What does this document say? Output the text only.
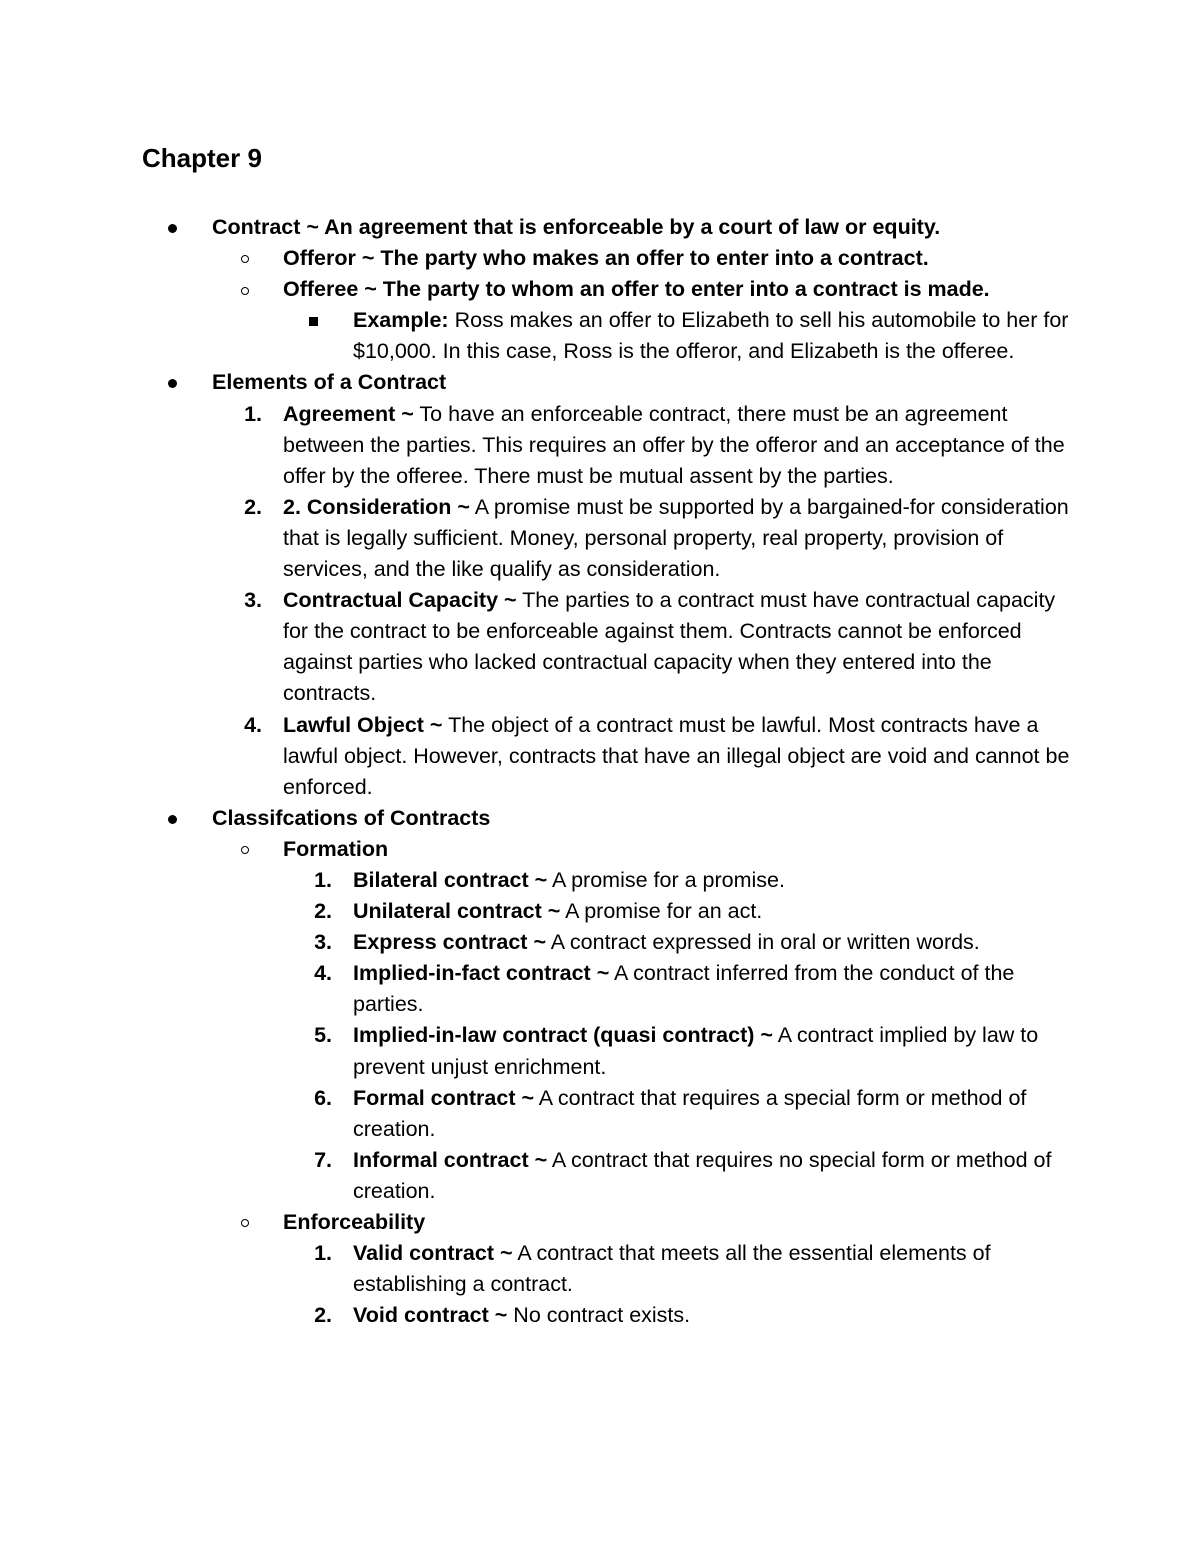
Chapter 9
Contract ~ An agreement that is enforceable by a court of law or equity.
Offeror ~ The party who makes an offer to enter into a contract.
Offeree ~ The party to whom an offer to enter into a contract is made.
Example: Ross makes an offer to Elizabeth to sell his automobile to her for $10,000. In this case, Ross is the offeror, and Elizabeth is the offeree.
Elements of a Contract
1. Agreement ~ To have an enforceable contract, there must be an agreement between the parties. This requires an offer by the offeror and an acceptance of the offer by the offeree. There must be mutual assent by the parties.
2. 2. Consideration ~ A promise must be supported by a bargained-for consideration that is legally sufficient. Money, personal property, real property, provision of services, and the like qualify as consideration.
3. Contractual Capacity ~ The parties to a contract must have contractual capacity for the contract to be enforceable against them. Contracts cannot be enforced against parties who lacked contractual capacity when they entered into the contracts.
4. Lawful Object ~ The object of a contract must be lawful. Most contracts have a lawful object. However, contracts that have an illegal object are void and cannot be enforced.
Classifcations of Contracts
Formation
1. Bilateral contract ~ A promise for a promise.
2. Unilateral contract ~ A promise for an act.
3. Express contract ~ A contract expressed in oral or written words.
4. Implied-in-fact contract ~ A contract inferred from the conduct of the parties.
5. Implied-in-law contract (quasi contract) ~ A contract implied by law to prevent unjust enrichment.
6. Formal contract ~ A contract that requires a special form or method of creation.
7. Informal contract ~ A contract that requires no special form or method of creation.
Enforceability
1. Valid contract ~ A contract that meets all the essential elements of establishing a contract.
2. Void contract ~ No contract exists.
